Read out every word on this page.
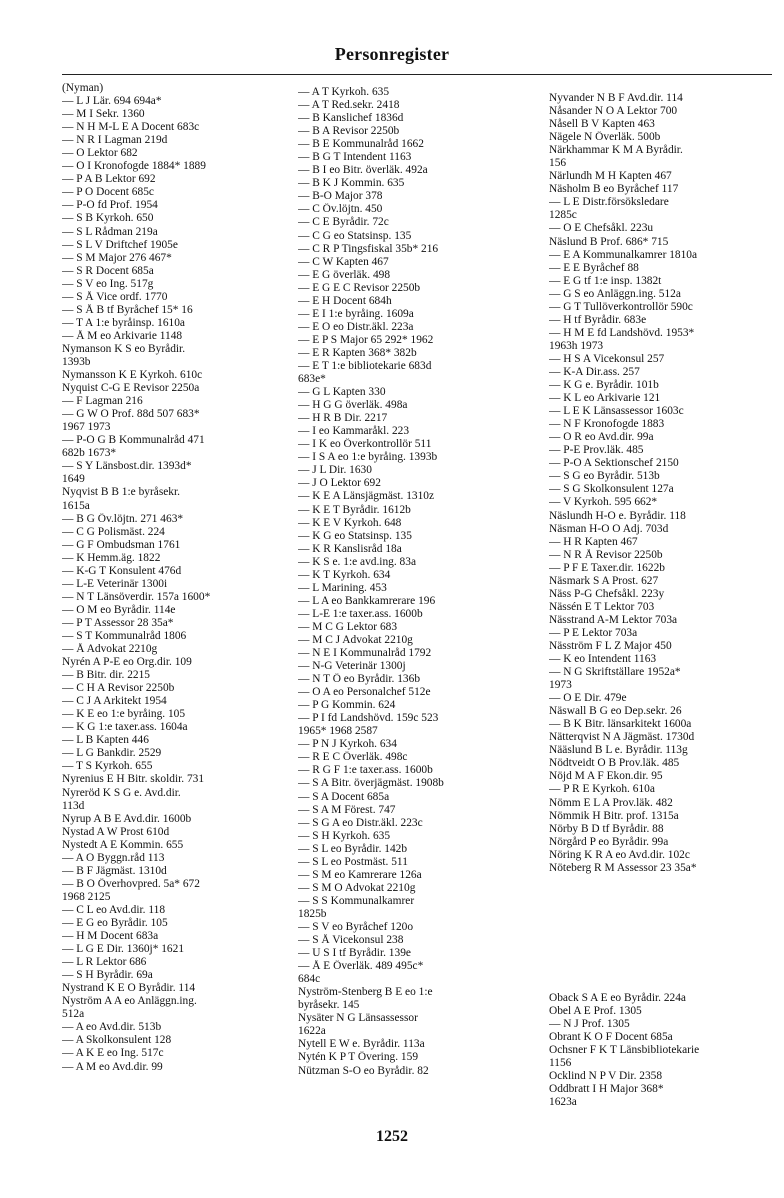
Personregister
(Nyman)
— L J Lär. 694 694a*
— M I Sekr. 1360
— N H M-L E A Docent 683c
— N R I Lagman 219d
— O Lektor 682
— O I Kronofogde 1884* 1889
— P A B Lektor 692
— P O Docent 685c
— P-O fd Prof. 1954
— S B Kyrkoh. 650
— S L Rådman 219a
— S L V Driftchef 1905e
— S M Major 276 467*
— S R Docent 685a
— S V eo Ing. 517g
— S Å Vice ordf. 1770
— S Å B tf Byråchef 15* 16
— T A 1:e byråinsp. 1610a
— Å M eo Arkivarie 1148
Nymanson K S eo Byrådir.
1393b
Nymansson K E Kyrkoh. 610c
Nyquist C-G E Revisor 2250a
— F Lagman 216
— G W O Prof. 88d 507 683*
1967 1973
— P-O G B Kommunalråd 471
682b 1673*
— S Y Länsbost.dir. 1393d*
1649
Nyqvist B B 1:e byråsekr.
1615a
— B G Öv.löjtn. 271 463*
— C G Polismäst. 224
— G F Ombudsman 1761
— K Hemm.äg. 1822
— K-G T Konsulent 476d
— L-E Veterinär 1300i
— N T Länsöverdir. 157a 1600*
— O M eo Byrådir. 114e
— P T Assessor 28 35a*
— S T Kommunalråd 1806
— Å Advokat 2210g
Nyrén A P-E eo Org.dir. 109
— B Bitr. dir. 2215
— C H A Revisor 2250b
— C J A Arkitekt 1954
— K E eo 1:e byråing. 105
— K G 1:e taxer.ass. 1604a
— L B Kapten 446
— L G Bankdir. 2529
— T S Kyrkoh. 655
Nyrenius E H Bitr. skoldir. 731
Nyreröd K S G e. Avd.dir.
113d
Nyrup A B E Avd.dir. 1600b
Nystad A W Prost 610d
Nystedt A E Kommin. 655
— A O Byggn.råd 113
— B F Jägmäst. 1310d
— B O Överhovpred. 5a* 672
1968 2125
— C L eo Avd.dir. 118
— E G eo Byrådir. 105
— H M Docent 683a
— L G E Dir. 1360j* 1621
— L R Lektor 686
— S H Byrådir. 69a
Nystrand K E O Byrådir. 114
Nyström A A eo Anläggn.ing.
512a
— A eo Avd.dir. 513b
— A Skolkonsulent 128
— A K E eo Ing. 517c
— A M eo Avd.dir. 99
— A T Kyrkoh. 635
— A T Red.sekr. 2418
— B Kanslichef 1836d
— B A Revisor 2250b
— B E Kommunalråd 1662
— B G T Intendent 1163
— B I eo Bitr. överläk. 492a
— B K J Kommin. 635
— B-O Major 378
— C Öv.löjtn. 450
— C E Byrådir. 72c
— C G eo Statsinsp. 135
— C R P Tingsfiskal 35b* 216
— C W Kapten 467
— E G överläk. 498
— E G E C Revisor 2250b
— E H Docent 684h
— E I 1:e byråing. 1609a
— E O eo Distr.äkl. 223a
— E P S Major 65 292* 1962
— E R Kapten 368* 382b
— E T 1:e bibliotekarie 683d
683e*
— G L Kapten 330
— H G G överläk. 498a
— H R B Dir. 2217
— I eo Kammaråkl. 223
— I K eo Överkontrollör 511
— I S A eo 1:e byråing. 1393b
— J L Dir. 1630
— J O Lektor 692
— K E A Länsjägmäst. 1310z
— K E T Byrådir. 1612b
— K E V Kyrkoh. 648
— K G eo Statsinsp. 135
— K R Kanslisråd 18a
— K S e. 1:e avd.ing. 83a
— K T Kyrkoh. 634
— L Marining. 453
— L A eo Bankkamrerare 196
— L-E 1:e taxer.ass. 1600b
— M C G Lektor 683
— M C J Advokat 2210g
— N E I Kommunalråd 1792
— N-G Veterinär 1300j
— N T Ö eo Byrådir. 136b
— O A eo Personalchef 512e
— P G Kommin. 624
— P I fd Landshövd. 159c 523
1965* 1968 2587
— P N J Kyrkoh. 634
— R E C Överläk. 498c
— R G F 1:e taxer.ass. 1600b
— S A Bitr. överjägmäst. 1908b
— S A Docent 685a
— S A M Förest. 747
— S G A eo Distr.äkl. 223c
— S H Kyrkoh. 635
— S L eo Byrådir. 142b
— S L eo Postmäst. 511
— S M eo Kamrerare 126a
— S M O Advokat 2210g
— S S Kommunalkamrer
1825b
— S V eo Byråchef 120o
— S Å Vicekonsul 238
— U S I tf Byrådir. 139e
— Å E Överläk. 489 495c*
684c
Nyström-Stenberg B E eo 1:e
byråsekr. 145
Nysäter N G Länsassessor
1622a
Nytell E W e. Byrådir. 113a
Nytén K P T Övering. 159
Nützman S-O eo Byrådir. 82
Nyvander N B F Avd.dir. 114
Nåsander N O A Lektor 700
Nåsell B V Kapten 463
Nägele N Överläk. 500b
Närkhammar K M A Byrådir.
156
Närlundh M H Kapten 467
Näsholm B eo Byråchef 117
— L E Distr.försöksledare
1285c
— O E Chefsåkl. 223u
Näslund B Prof. 686* 715
— E A Kommunalkamrer 1810a
— E E Byråchef 88
— E G tf 1:e insp. 1382t
— G S eo Anläggn.ing. 512a
— G T Tullöverkontrollör 590c
— H tf Byrådir. 683e
— H M E fd Landshövd. 1953*
1963h 1973
— H S A Vicekonsul 257
— K-A Dir.ass. 257
— K G e. Byrådir. 101b
— K L eo Arkivarie 121
— L E K Länsassessor 1603c
— N F Kronofogde 1883
— O R eo Avd.dir. 99a
— P-E Prov.läk. 485
— P-O A Sektionschef 2150
— S G eo Byrådir. 513b
— S G Skolkonsulent 127a
— V Kyrkoh. 595 662*
Näslundh H-O e. Byrådir. 118
Näsman H-O O Adj. 703d
— H R Kapten 467
— N R Å Revisor 2250b
— P F E Taxer.dir. 1622b
Näsmark S A Prost. 627
Näss P-G Chefsåkl. 223y
Nässén E T Lektor 703
Nässtrand A-M Lektor 703a
— P E Lektor 703a
Näsström F L Z Major 450
— K eo Intendent 1163
— N G Skriftställare 1952a*
1973
— O E Dir. 479e
Näswall B G eo Dep.sekr. 26
— B K Bitr. länsarkitekt 1600a
Nätterqvist N A Jägmäst. 1730d
Nääslund B L e. Byrådir. 113g
Nödtveidt O B Prov.läk. 485
Nöjd M A F Ekon.dir. 95
— P R E Kyrkoh. 610a
Nömm E L A Prov.läk. 482
Nömmik H Bitr. prof. 1315a
Nörby B D tf Byrådir. 88
Nörgård P eo Byrådir. 99a
Nöring K R A eo Avd.dir. 102c
Nöteberg R M Assessor 23 35a*
Oback S A E eo Byrådir. 224a
Obel A E Prof. 1305
— N J Prof. 1305
Obrant K O F Docent 685a
Ochsner F K T Länsbibliotekarie
1156
Ocklind N P V Dir. 2358
Oddbratt I H Major 368*
1623a
1252
